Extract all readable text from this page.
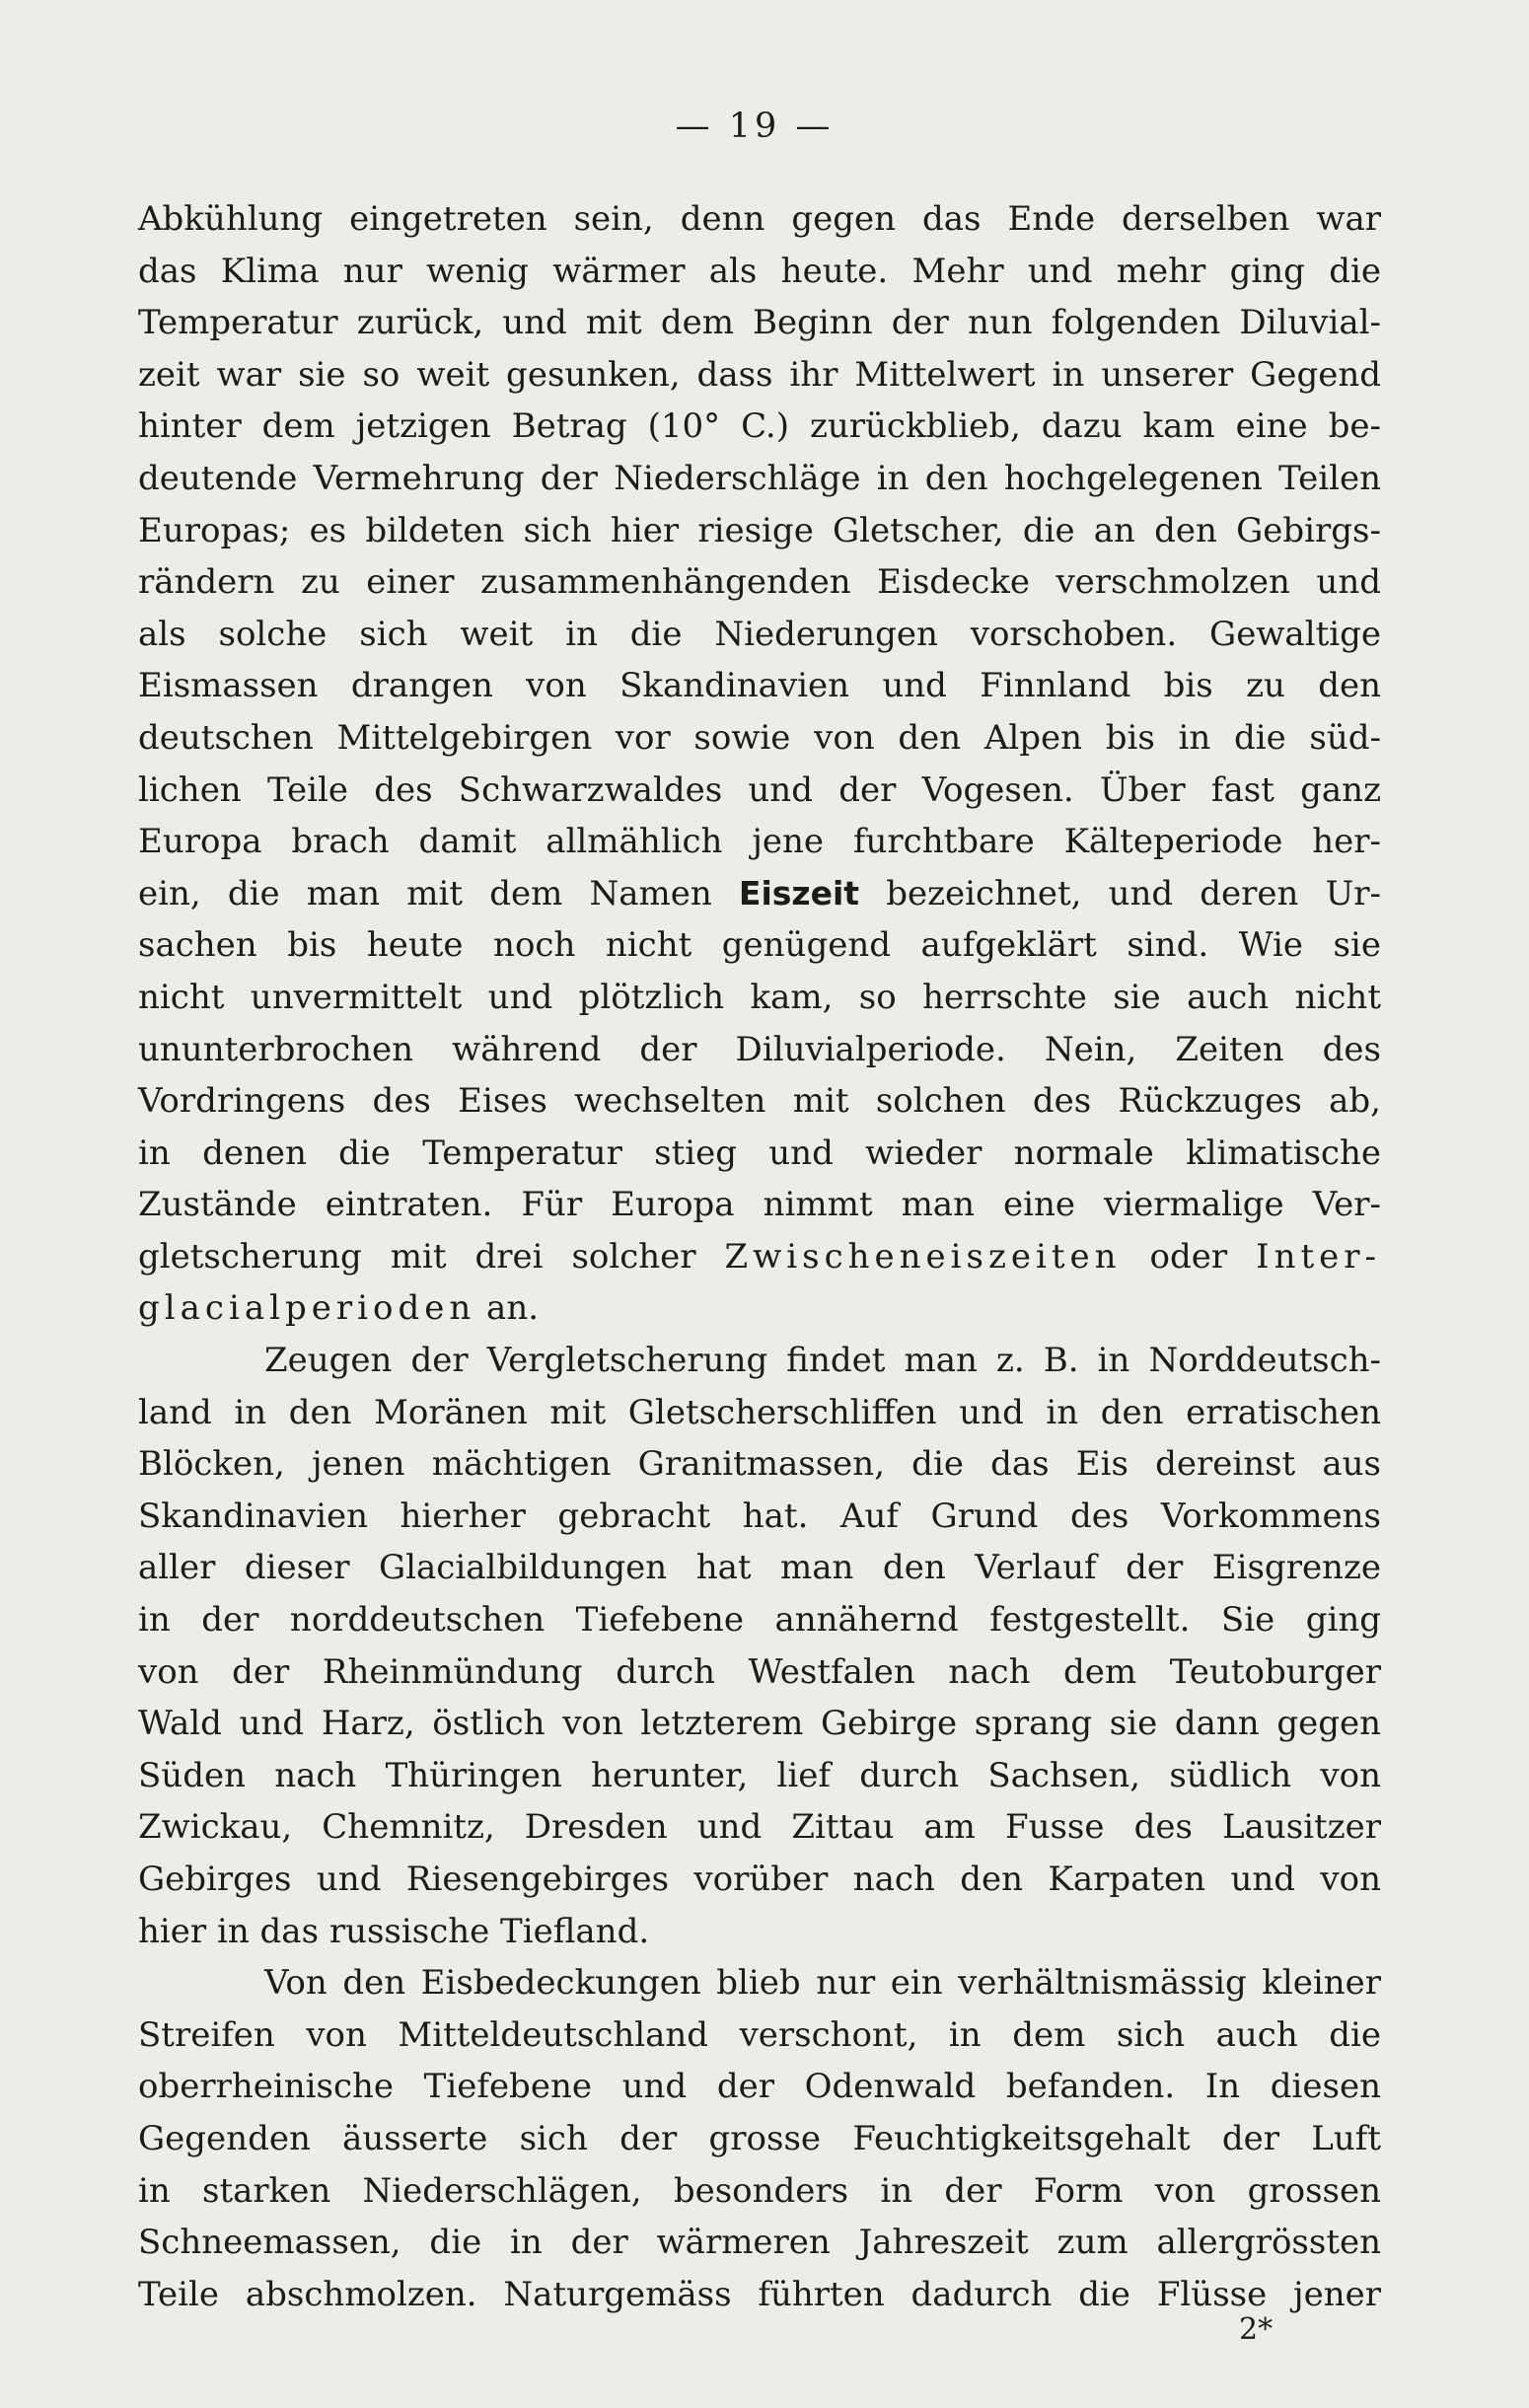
— 19 —

Abkühlung eingetreten sein, denn gegen das Ende derselben war
das Klima nur wenig wärmer als heute. Mehr und mehr ging die
Temperatur zurück, und mit dem Beginn der nun folgenden Diluvial-
zeit war sie so weit gesunken, dass ihr Mittelwert in unserer Gegend
hinter dem jetzigen Betrag (10° C.) zurückblieb, dazu kam eine be-
deutende Vermehrung der Niederschläge in den hochgelegenen Teilen
Europas; es bildeten sich hier riesige Gletscher, die an den Gebirgs-
rändern zu einer zusammenhängenden Eisdecke verschmolzen und
als solche sich weit in die Niederungen vorschoben. Gewaltige
Eismassen drangen von Skandinavien und Finnland bis zu den
deutschen Mittelgebirgen vor sowie von den Alpen bis in die süd-
lichen Teile des Schwarzwaldes und der Vogesen. Über fast ganz
Europa brach damit allmählich jene furchtbare Kälteperiode her-
ein, die man mit dem Namen Eiszeit bezeichnet, und deren Ur-
sachen bis heute noch nicht genügend aufgeklärt sind. Wie sie
nicht unvermittelt und plötzlich kam, so herrschte sie auch nicht
ununterbrochen während der Diluvialperiode. Nein, Zeiten des
Vordringens des Eises wechselten mit solchen des Rückzuges ab,
in denen die Temperatur stieg und wieder normale klimatische
Zustände eintraten. Für Europa nimmt man eine viermalige Ver-
gletscherung mit drei solcher Zwischeneiszeiten oder Inter-
glacialperioden an.
Zeugen der Vergletscherung findet man z. B. in Norddeutsch-
land in den Moränen mit Gletscherschliffen und in den erratischen
Blöcken, jenen mächtigen Granitmassen, die das Eis dereinst aus
Skandinavien hierher gebracht hat. Auf Grund des Vorkommens
aller dieser Glacialbildungen hat man den Verlauf der Eisgrenze
in der norddeutschen Tiefebene annähernd festgestellt. Sie ging
von der Rheinmündung durch Westfalen nach dem Teutoburger
Wald und Harz, östlich von letzterem Gebirge sprang sie dann gegen
Süden nach Thüringen herunter, lief durch Sachsen, südlich von
Zwickau, Chemnitz, Dresden und Zittau am Fusse des Lausitzer
Gebirges und Riesengebirges vorüber nach den Karpaten und von
hier in das russische Tiefland.
Von den Eisbedeckungen blieb nur ein verhältnismässig kleiner
Streifen von Mitteldeutschland verschont, in dem sich auch die
oberrheinische Tiefebene und der Odenwald befanden. In diesen
Gegenden äusserte sich der grosse Feuchtigkeitsgehalt der Luft
in starken Niederschlägen, besonders in der Form von grossen
Schneemassen, die in der wärmeren Jahreszeit zum allergrössten
Teile abschmolzen. Naturgemäss führten dadurch die Flüsse jener

2*
